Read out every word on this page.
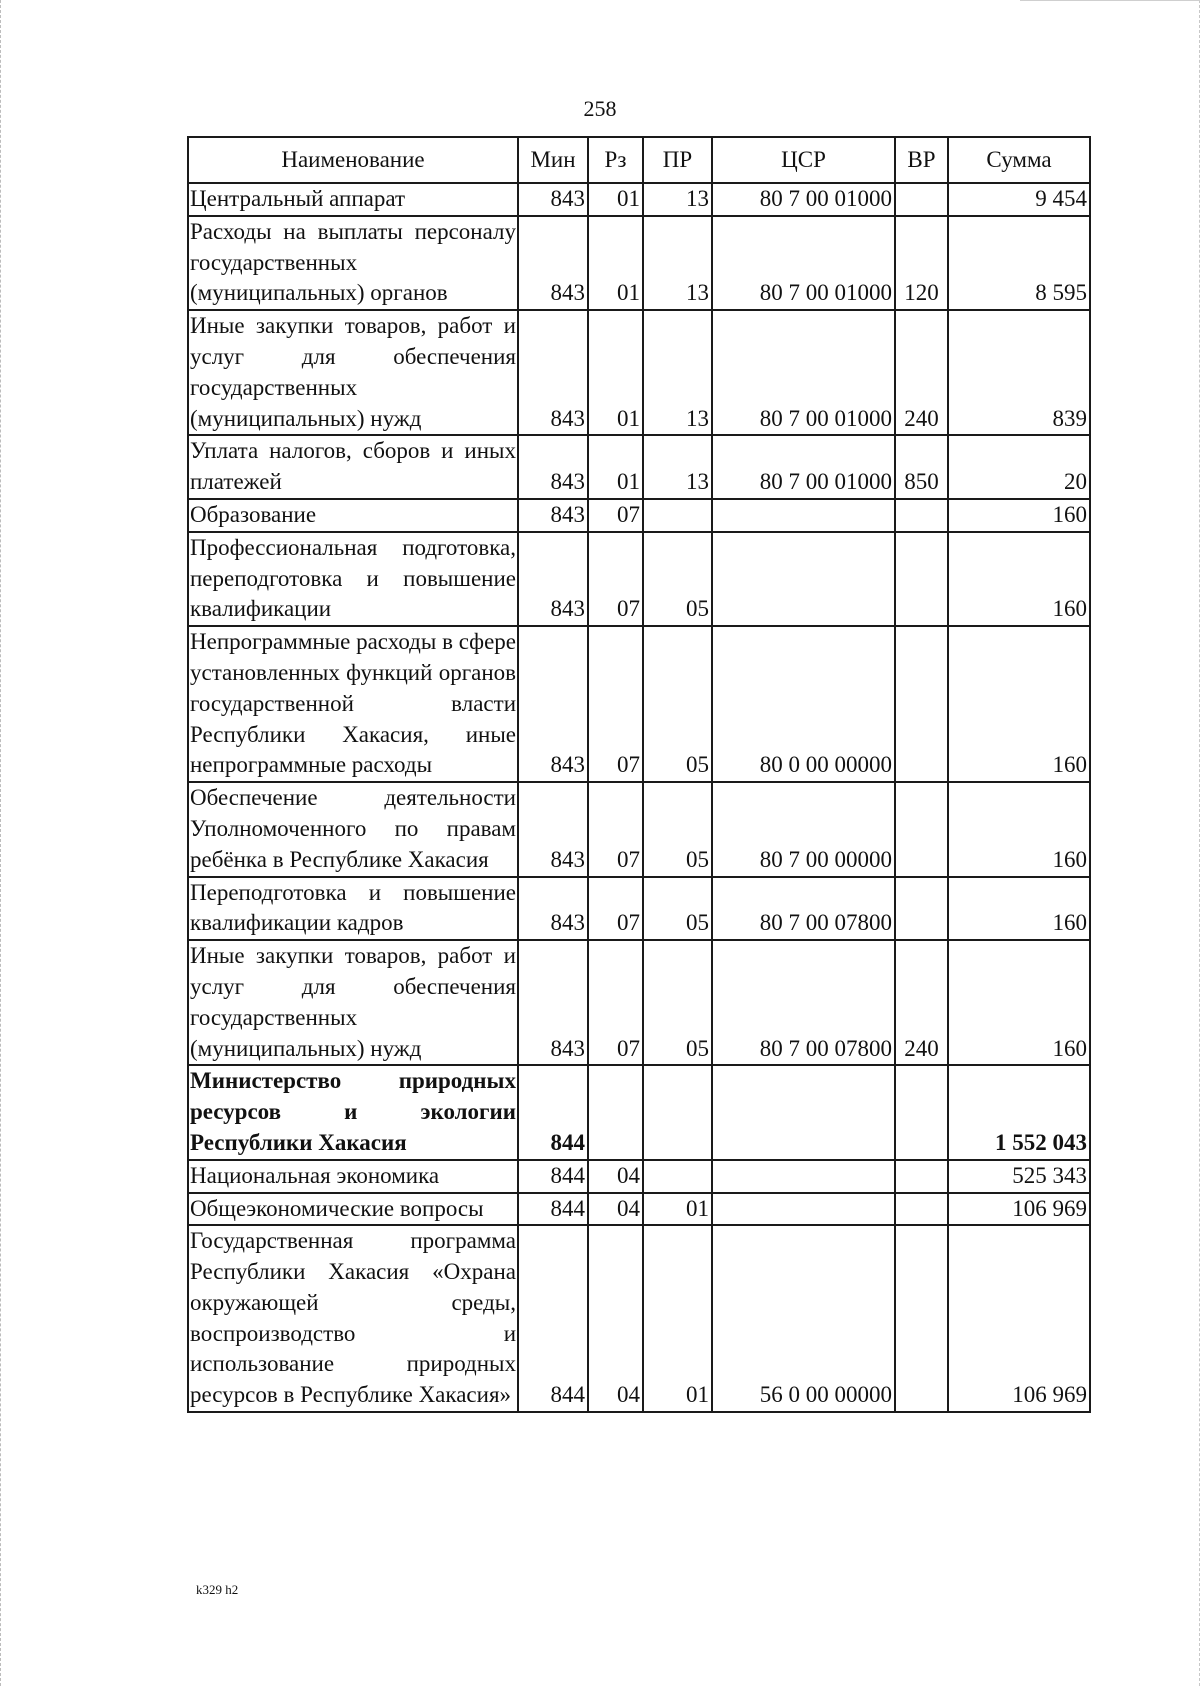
258
Наименование	Мин	Рз	ПР	ЦСР	ВР	Сумма
Центральный аппарат	843	01	13	80 7 00 01000		9 454
Расходы на выплаты персоналу государственных (муниципальных) органов	843	01	13	80 7 00 01000	120	8 595
Иные закупки товаров, работ и услуг для обеспечения государственных (муниципальных) нужд	843	01	13	80 7 00 01000	240	839
Уплата налогов, сборов и иных платежей	843	01	13	80 7 00 01000	850	20
Образование	843	07				160
Профессиональная подготовка, переподготовка и повышение квалификации	843	07	05			160
Непрограммные расходы в сфере установленных функций органов государственной власти Республики Хакасия, иные непрограммные расходы	843	07	05	80 0 00 00000		160
Обеспечение деятельности Уполномоченного по правам ребёнка в Республике Хакасия	843	07	05	80 7 00 00000		160
Переподготовка и повышение квалификации кадров	843	07	05	80 7 00 07800		160
Иные закупки товаров, работ и услуг для обеспечения государственных (муниципальных) нужд	843	07	05	80 7 00 07800	240	160
Министерство природных ресурсов и экологии Республики Хакасия	844					1 552 043
Национальная экономика	844	04				525 343
Общеэкономические вопросы	844	04	01			106 969
Государственная программа Республики Хакасия «Охрана окружающей среды, воспроизводство и использование природных ресурсов в Республике Хакасия»	844	04	01	56 0 00 00000		106 969
k329 h2
